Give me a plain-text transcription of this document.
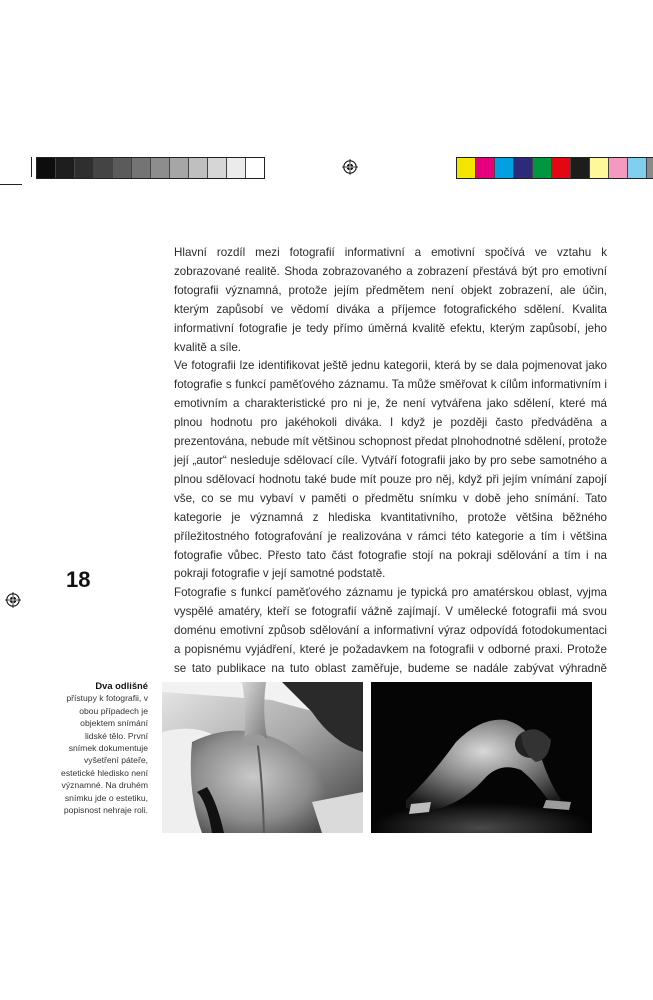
Hlavní rozdíl mezi fotografií informativní a emotivní spočívá ve vztahu k zobrazované realitě. Shoda zobrazovaného a zobrazení přestává být pro emotivní fotografii významná, protože jejím předmětem není objekt zobrazení, ale účin, kterým zapůsobí ve vědomí diváka a příjemce fotografického sdělení. Kvalita informativní fotografie je tedy přímo úměrná kvalitě efektu, kterým zapůsobí, jeho kvalitě a síle.

Ve fotografii lze identifikovat ještě jednu kategorii, která by se dala pojmenovat jako fotografie s funkcí paměťového záznamu. Ta může směřovat k cílům informativním i emotivním a charakteristické pro ni je, že není vytvářena jako sdělení, které má plnou hodnotu pro jakéhokoli diváka. I když je později často předváděna a prezentována, nebude mít většinou schopnost předat plnohodnotné sdělení, protože její „autor“ nesleduje sdělovací cíle. Vytváří fotografii jako by pro sebe samotného a plnou sdělovací hodnotu také bude mít pouze pro něj, když při jejím vnímání zapojí vše, co se mu vybaví v paměti o předmětu snímku v době jeho snímání. Tato kategorie je významná z hlediska kvantitativního, protože většina běžného příležitostného fotografování je realizována v rámci této kategorie a tím i většina fotografie vůbec. Přesto tato část fotografie stojí na pokraji sdělování a tím i na pokraji fotografie v její samotné podstatě.

Fotografie s funkcí paměťového záznamu je typická pro amatérskou oblast, vyjma vyspělé amatéry, kteří se fotografií vážně zajímají. V umělecké fotografii má svou doménu emotivní způsob sdělování a informativní výraz odpovídá fotodokumentaci a popisnému vyjádření, které je požadavkem na fotografii v odborné praxi. Protože se tato publikace na tuto oblast zaměřuje, budeme se nadále zabývat výhradně

18
Dva odlišné
přístupy k fotografii, v obou případech je objektem snímání lidské tělo. První snímek dokumentuje vyšetření páteře, estetické hledisko není významné. Na druhém snímku jde o estetiku, popisnost nehraje roli.
